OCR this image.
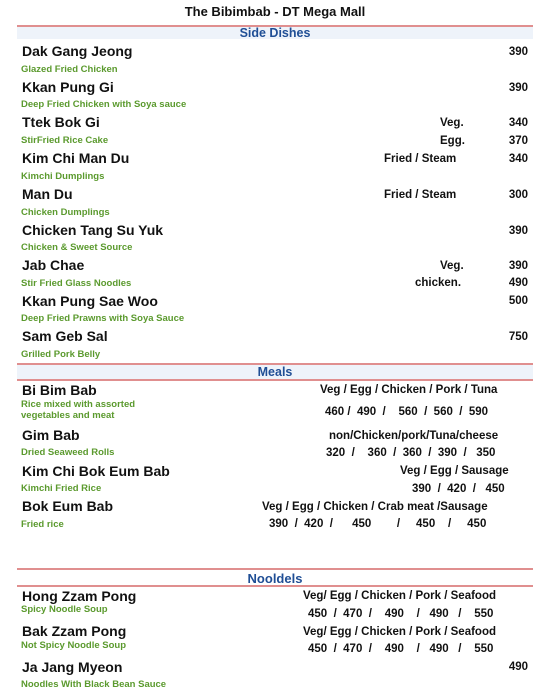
The Bibimbab - DT Mega Mall
Side Dishes
Dak Gang Jeong	390
Glazed Fried Chicken
Kkan Pung Gi	390
Deep Fried Chicken with Soya sauce
Ttek Bok Gi	Veg.	340
StirFried Rice Cake	Egg.	370
Kim Chi Man Du	Fried / Steam	340
Kimchi Dumplings
Man Du	Fried / Steam	300
Chicken Dumplings
Chicken Tang Su Yuk	390
Chicken & Sweet Source
Jab Chae	Veg.	390
Stir Fried Glass Noodles	chicken.	490
Kkan Pung Sae Woo	500
Deep Fried Prawns with Soya Sauce
Sam Geb Sal	750
Grilled Pork Belly
Meals
Bi Bim Bab	Veg / Egg / Chicken / Pork / Tuna
Rice mixed with assorted
vegetables and meat	460 /  490  /    560  /  560  /  590
Gim Bab	non/Chicken/pork/Tuna/cheese
Dried Seaweed Rolls	320  /    360  /  360  /  390  /   350
Kim Chi Bok Eum Bab	Veg / Egg / Sausage
Kimchi Fried Rice	390  /  420  /   450
Bok Eum Bab	Veg / Egg / Chicken / Crab meat /Sausage
Fried rice	390  /  420  /      450        /     450    /     450
Nooldels
Hong Zzam Pong	Veg/ Egg / Chicken / Pork / Seafood
Spicy Noodle Soup	450  /  470  /    490    /   490   /    550
Bak Zzam Pong	Veg/ Egg / Chicken / Pork / Seafood
Not Spicy Noodle Soup	450  /  470  /    490    /   490   /    550
Ja Jang Myeon	490
Noodles With Black Bean Sauce
